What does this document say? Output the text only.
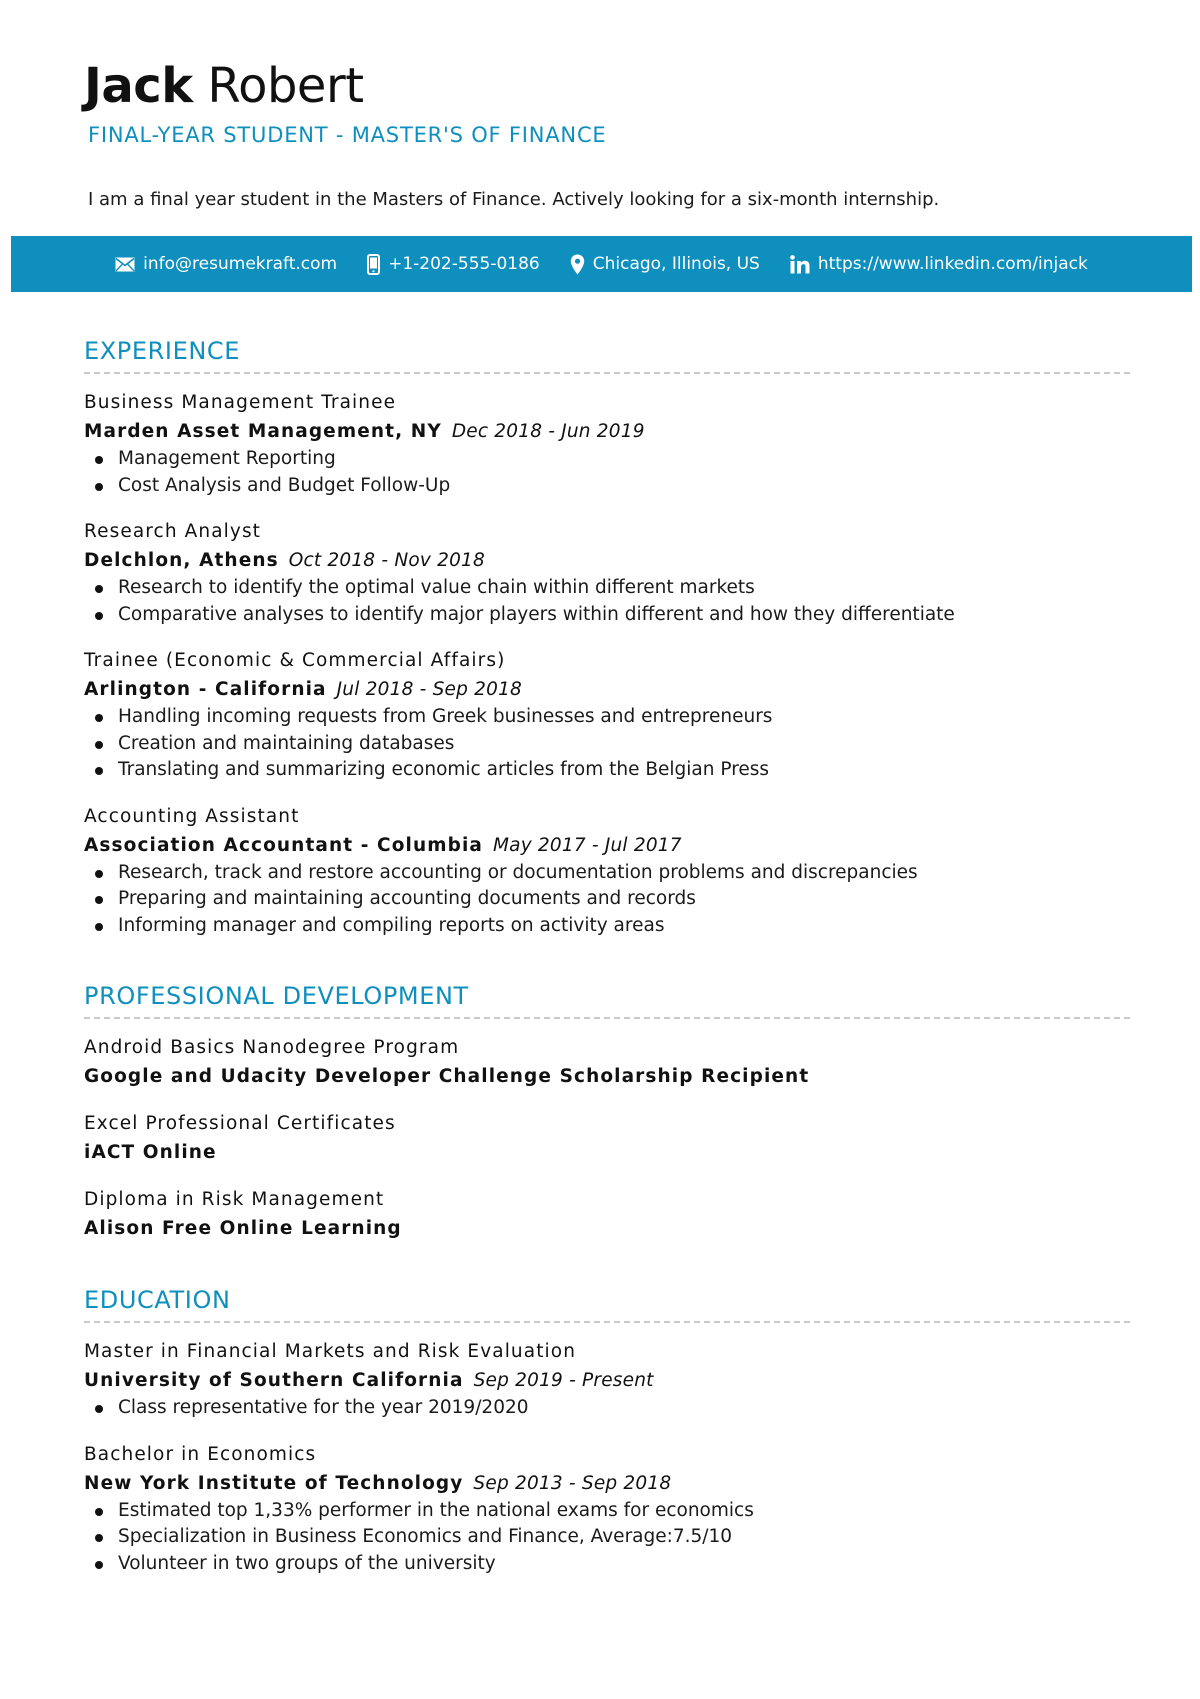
Jack Robert
FINAL-YEAR STUDENT - MASTER'S OF FINANCE
I am a final year student in the Masters of Finance. Actively looking for a six-month internship.
info@resumekraft.com	+1-202-555-0186	Chicago, Illinois, US	https://www.linkedin.com/injack
EXPERIENCE
Business Management Trainee
Marden Asset Management, NY Dec 2018 - Jun 2019
Management Reporting
Cost Analysis and Budget Follow-Up
Research Analyst
Delchlon, Athens Oct 2018 - Nov 2018
Research to identify the optimal value chain within different markets
Comparative analyses to identify major players within different and how they differentiate
Trainee (Economic & Commercial Affairs)
Arlington - California Jul 2018 - Sep 2018
Handling incoming requests from Greek businesses and entrepreneurs
Creation and maintaining databases
Translating and summarizing economic articles from the Belgian Press
Accounting Assistant
Association Accountant - Columbia May 2017 - Jul 2017
Research, track and restore accounting or documentation problems and discrepancies
Preparing and maintaining accounting documents and records
Informing manager and compiling reports on activity areas
PROFESSIONAL DEVELOPMENT
Android Basics Nanodegree Program
Google and Udacity Developer Challenge Scholarship Recipient
Excel Professional Certificates
iACT Online
Diploma in Risk Management
Alison Free Online Learning
EDUCATION
Master in Financial Markets and Risk Evaluation
University of Southern California Sep 2019 - Present
Class representative for the year 2019/2020
Bachelor in Economics
New York Institute of Technology Sep 2013 - Sep 2018
Estimated top 1,33% performer in the national exams for economics
Specialization in Business Economics and Finance, Average:7.5/10
Volunteer in two groups of the university
